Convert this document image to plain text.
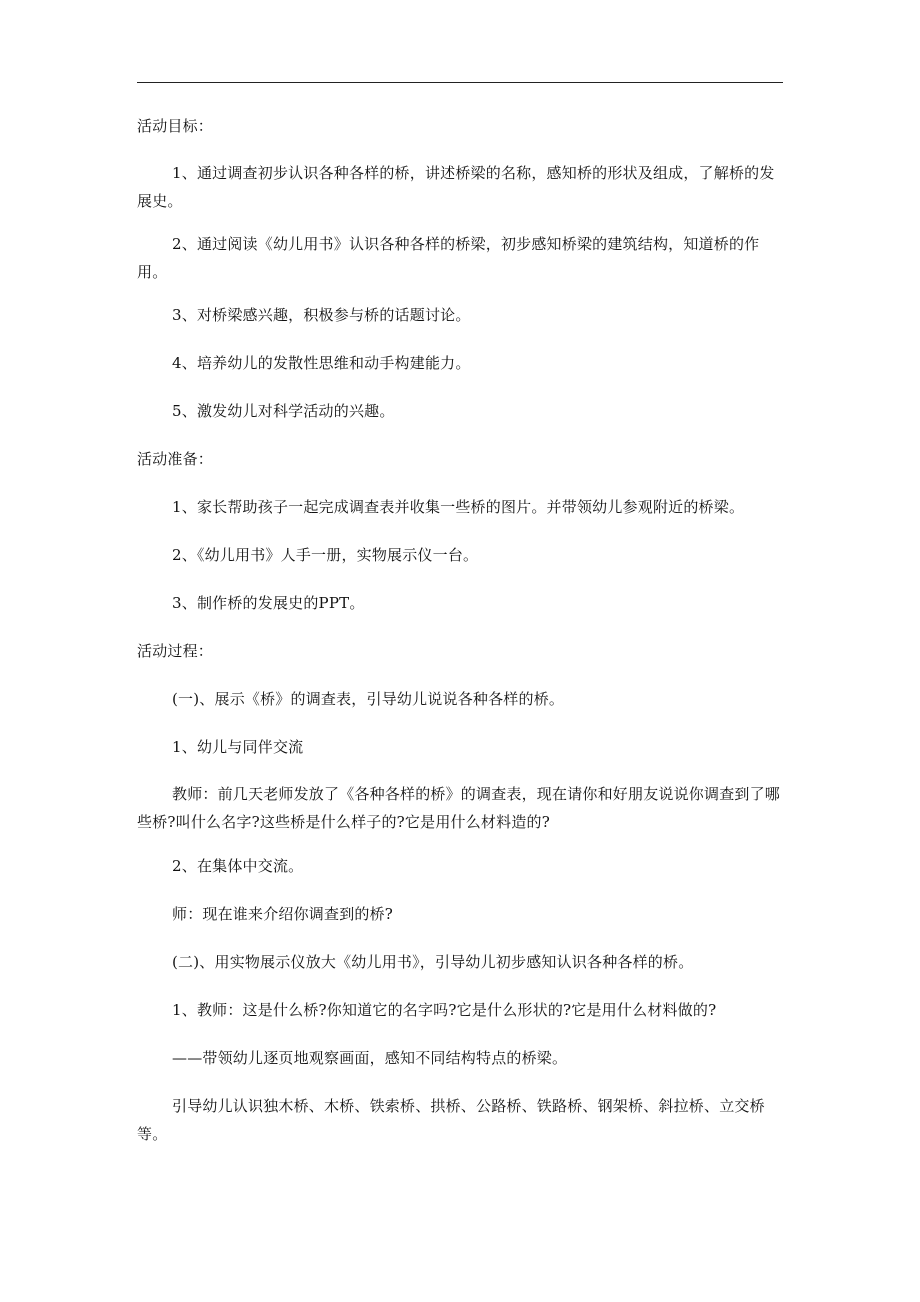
活动目标：

1、通过调查初步认识各种各样的桥，讲述桥梁的名称，感知桥的形状及组成，了解桥的发展史。

2、通过阅读《幼儿用书》认识各种各样的桥梁，初步感知桥梁的建筑结构，知道桥的作用。

3、对桥梁感兴趣，积极参与桥的话题讨论。

4、培养幼儿的发散性思维和动手构建能力。

5、激发幼儿对科学活动的兴趣。

活动准备：

1、家长帮助孩子一起完成调查表并收集一些桥的图片。并带领幼儿参观附近的桥梁。

2、《幼儿用书》人手一册，实物展示仪一台。

3、制作桥的发展史的PPT。

活动过程：

(一)、展示《桥》的调查表，引导幼儿说说各种各样的桥。

1、幼儿与同伴交流

教师：前几天老师发放了《各种各样的桥》的调查表，现在请你和好朋友说说你调查到了哪些桥?叫什么名字?这些桥是什么样子的?它是用什么材料造的?

2、在集体中交流。

师：现在谁来介绍你调查到的桥?

(二)、用实物展示仪放大《幼儿用书》，引导幼儿初步感知认识各种各样的桥。

1、教师：这是什么桥?你知道它的名字吗?它是什么形状的?它是用什么材料做的?

——带领幼儿逐页地观察画面，感知不同结构特点的桥梁。

引导幼儿认识独木桥、木桥、铁索桥、拱桥、公路桥、铁路桥、钢架桥、斜拉桥、立交桥等。
